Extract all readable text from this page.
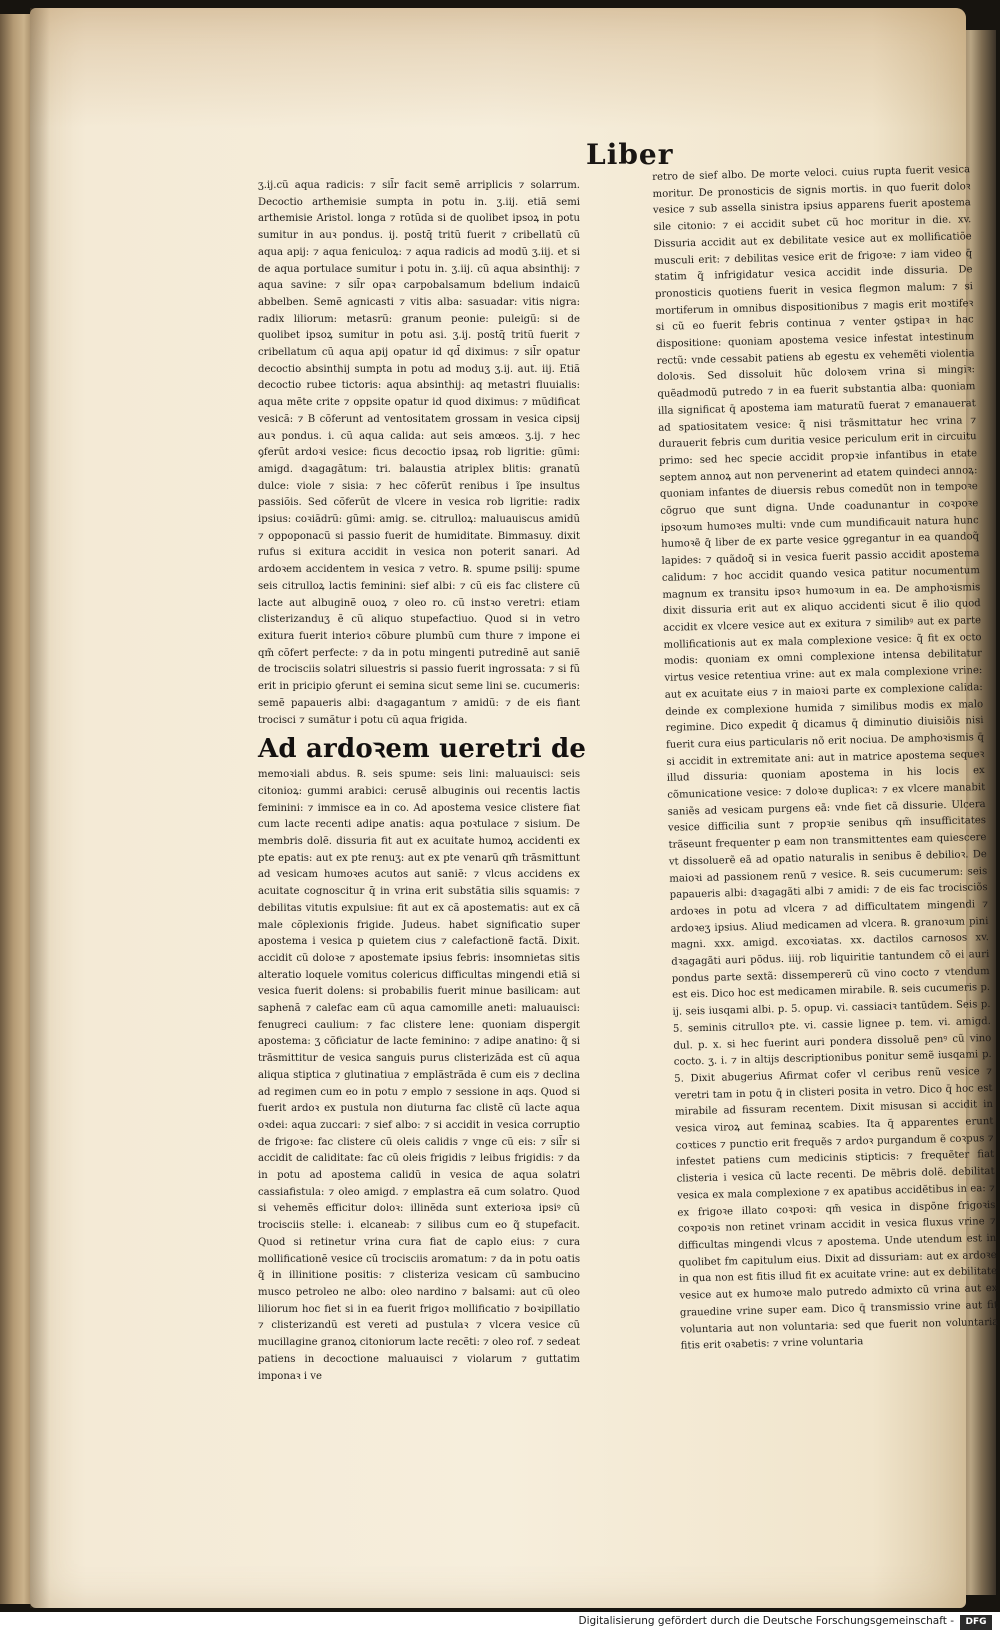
Liber

ʒ.ij.cũ aqua radicis: ⁊ sil̄r facit semẽ arriplicis ⁊ solarrum. Decoctio arthemisie sumpta in potu in. ʒ.iij. etiã semi arthemisie Aristol. longa ⁊ rotũda si de quolibet ipsoꝝ in potu sumitur in auꝛ pondus. ij. postq̄ tritũ fuerit ⁊ cribellatũ cũ aqua apij: ⁊ aqua feniculoꝝ: ⁊ aqua radicis ad modũ ʒ.iij. et si de aqua portulace sumitur i potu in. ʒ.iij. cũ aqua absinthij: ⁊ aqua savine: ⁊ sil̄r opaꝛ carpobalsamum bdelium indaicũ abbelben. Semẽ agnicasti ⁊ vitis alba: sasuadar: vitis nigra: radix liliorum: metasrũ: granum peonie: puleigũ: si de quolibet ipsoꝝ sumitur in potu asi. ʒ.ij. postq̄ tritũ fuerit ⁊ cribellatum cũ aqua apij opatur id qd̄ diximus: ⁊ sil̄r opatur decoctio absinthij sumpta in potu ad moduʒ ʒ.ij. aut. iij. Etiã decoctio rubee tictoris: aqua absinthij: aq metastri fluuialis: aqua mẽte crite ⁊ oppsite opatur id quod diximus: ⁊ mũdificat vesicã: ⁊ B cõferunt ad ventositatem grossam in vesica cipsij auꝛ pondus. i. cũ aqua calida: aut seis amœos. ʒ.ij. ⁊ hec ꝯferũt ardoꝛi vesice: ficus decoctio ipsaꝝ rob ligritie: gũmi: amigd. dꝛagagãtum: tri. balaustia atriplex blitis: granatũ dulce: viole ⁊ sisia: ⁊ hec cõferũt renibus i ĩpe insultus passiõis. Sed cõferũt de vlcere in vesica rob ligritie: radix ipsius: coꝛiãdrũ: gũmi: amig. se. citrulloꝝ: maluauiscus amidũ ⁊ oppoponacũ si passio fuerit de humiditate. Bimmasuy. dixit rufus si exitura accidit in vesica non poterit sanari. Ad ardoꝛem accidentem in vesica ⁊ vetro. ℞. spume psilij: spume seis citrulloꝝ lactis feminini: sief albi: ⁊ cũ eis fac clistere cũ lacte aut albuginẽ ouoꝝ ⁊ oleo ro. cũ instꝛo veretri: etiam clisterizanduʒ ẽ cũ aliquo stupefactiuo. Quod si in vetro exitura fuerit interioꝛ cõbure plumbũ cum thure ⁊ impone ei qm̃ cõfert perfecte: ⁊ da in potu mingenti putredinẽ aut saniẽ de trocisciis solatri siluestris si passio fuerit ingrossata: ⁊ si fũ erit in pricipio ꝯferunt ei semina sicut seme lini se. cucumeris: semẽ papaueris albi: dꝛagagantum ⁊ amidũ: ⁊ de eis fiant trocisci ⁊ sumãtur i potu cũ aqua frigida.

Ad ardoꝛem ueretri de

memoꝛiali abdus. ℞. seis spume: seis lini: maluauisci: seis citonioꝝ: gummi arabici: cerusẽ albuginis oui recentis lactis feminini: ⁊ immisce ea in co. Ad apostema vesice clistere fiat cum lacte recenti adipe anatis: aqua poꝛtulace ⁊ sisium. De membris dolẽ. dissuria fit aut ex acuitate humoꝝ accidenti ex pte epatis: aut ex pte renuʒ: aut ex pte venarũ qm̃ trãsmittunt ad vesicam humoꝛes acutos aut saniẽ: ⁊ vlcus accidens ex acuitate cognoscitur q̄ in vrina erit substãtia silis squamis: ⁊ debilitas vitutis expulsiue: fit aut ex cã apostematis: aut ex cã male cõplexionis frigide. Judeus. habet significatio super apostema i vesica p quietem cius ⁊ calefactionẽ factã. Dixit. accidit cũ doloꝛe ⁊ apostemate ipsius febris: insomnietas sitis alteratio loquele vomitus colericus difficultas mingendi etiã si vesica fuerit dolens: si probabilis fuerit minue basilicam: aut saphenã ⁊ calefac eam cũ aqua camomille aneti: maluauisci: fenugreci caulium: ⁊ fac clistere lene: quoniam dispergit apostema: ʒ cõficiatur de lacte feminino: ⁊ adipe anatino: q̃ si trãsmittitur de vesica sanguis purus clisterizãda est cũ aqua aliqua stiptica ⁊ glutinatiua ⁊ emplãstrãda ẽ cum eis ⁊ declina ad regimen cum eo in potu ⁊ emplo ⁊ sessione in aqs. Quod si fuerit ardoꝛ ex pustula non diuturna fac clistẽ cũ lacte aqua oꝛdei: aqua zuccari: ⁊ sief albo: ⁊ si accidit in vesica corruptio de frigoꝛe: fac clistere cũ oleis calidis ⁊ vnge cũ eis: ⁊ sil̄r si accidit de caliditate: fac cũ oleis frigidis ⁊ leibus frigidis: ⁊ da in potu ad apostema calidũ in vesica de aqua solatri cassiafistula: ⁊ oleo amigd. ⁊ emplastra eã cum solatro. Quod si vehemẽs efficitur doloꝛ: illinẽda sunt exterioꝛa ipsiꝰ cũ trocisciis stelle: i. elcaneab: ⁊ silibus cum eo q̃ stupefacit. Quod si retinetur vrina cura fiat de caplo eius: ⁊ cura mollificationẽ vesice cũ trocisciis aromatum: ⁊ da in potu oatis q̃ in illinitione positis: ⁊ clisteriza vesicam cũ sambucino musco petroleo ne albo: oleo nardino ⁊ balsami: aut cũ oleo liliorum hoc fiet si in ea fuerit frigoꝛ mollificatio ⁊ boꝛipillatio ⁊ clisterizandũ est vereti ad pustulaꝛ ⁊ vlcera vesice cũ mucillagine granoꝝ citoniorum lacte recẽti: ⁊ oleo rof. ⁊ sedeat patiens in decoctione maluauisci ⁊ violarum ⁊ guttatim imponaꝛ i ve

retro de sief albo. De morte veloci. cuius rupta fuerit vesica moritur. De pronosticis de signis mortis. in quo fuerit doloꝛ vesice ⁊ sub assella sinistra ipsius apparens fuerit apostema sile citonio: ⁊ ei accidit subet cũ hoc moritur in die. xv. Dissuria accidit aut ex debilitate vesice aut ex mollificatiõe musculi erit: ⁊ debilitas vesice erit de frigoꝛe: ⁊ iam video q̄ statim q̃ infrigidatur vesica accidit inde dissuria. De pronosticis quotiens fuerit in vesica flegmon malum: ⁊ si mortiferum in omnibus dispositionibus ⁊ magis erit moꝛtifeꝛ si cũ eo fuerit febris continua ⁊ venter ꝯstipaꝛ in hac dispositione: quoniam apostema vesice infestat intestinum rectũ: vnde cessabit patiens ab egestu ex vehemẽti violentia doloꝛis. Sed dissoluit hũc doloꝛem vrina si mingiꝛ: quẽadmodũ putredo ⁊ in ea fuerit substantia alba: quoniam illa significat q̄ apostema iam maturatũ fuerat ⁊ emanauerat ad spatiositatem vesice: q̃ nisi trãsmittatur hec vrina ⁊ durauerit febris cum duritia vesice periculum erit in circuitu primo: sed hec specie accidit propꝛie infantibus in etate septem annoꝝ aut non pervenerint ad etatem quindeci annoꝝ: quoniam infantes de diuersis rebus comedũt non in tempoꝛe cõgruo que sunt digna. Unde coadunantur in coꝛpoꝛe ipsoꝛum humoꝛes multi: vnde cum mundificauit natura hunc humoꝛẽ q̃ liber de ex parte vesice ꝯgregantur in ea quandoq̃ lapides: ⁊ quãdoq̃ si in vesica fuerit passio accidit apostema calidum: ⁊ hoc accidit quando vesica patitur nocumentum magnum ex transitu ipsoꝛ humoꝛum in ea. De amphoꝛismis dixit dissuria erit aut ex aliquo accidenti sicut ẽ ilio quod accidit ex vlcere vesice aut ex exitura ⁊ similibꝰ aut ex parte mollificationis aut ex mala complexione vesice: q̃ fit ex octo modis: quoniam ex omni complexione intensa debilitatur virtus vesice retentiua vrine: aut ex mala complexione vrine: aut ex acuitate eius ⁊ in maioꝛi parte ex complexione calida: deinde ex complexione humida ⁊ similibus modis ex malo regimine. Dico expedit q̄ dicamus q̄ diminutio diuisiõis nisi fuerit cura eius particularis nõ erit nociua. De amphoꝛismis q̄ si accidit in extremitate ani: aut in matrice apostema sequeꝛ illud dissuria: quoniam apostema in his locis ex cõmunicatione vesice: ⁊ doloꝛe duplicaꝛ: ⁊ ex vlcere manabit saniẽs ad vesicam purgens eã: vnde fiet cã dissurie. Ulcera vesice difficilia sunt ⁊ propꝛie senibus qm̃ insufficitates trãseunt frequenter p eam non transmittentes eam quiescere vt dissoluerẽ eã ad opatio naturalis in senibus ẽ debilioꝛ. De maioꝛi ad passionem renũ ⁊ vesice. ℞. seis cucumerum: seis papaueris albi: dꝛagagãti albi ⁊ amidi: ⁊ de eis fac trocisciõs ardoꝛes in potu ad vlcera ⁊ ad difficultatem mingendi ⁊ ardoꝛeʒ ipsius. Aliud medicamen ad vlcera. ℞. granoꝛum pini magni. xxx. amigd. excoꝛiatas. xx. dactilos carnosos xv. dꝛagagãti auri põdus. iiij. rob liquiritie tantundem cõ ei auri pondus parte sextã: dissempererũ cũ vino cocto ⁊ vtendum est eis. Dico hoc est medicamen mirabile. ℞. seis cucumeris p. ij. seis iusqami albi. p. 5. opup. vi. cassiaciꝛ tantũdem. Seis p. 5. seminis citrulloꝛ pte. vi. cassie lignee p. tem. vi. amigd. dul. p. x. si hec fuerint auri pondera dissoluẽ penꝰ cũ vino cocto. ʒ. i. ⁊ in altijs descriptionibus ponitur semẽ iusqami p. 5. Dixit abugerius Afirmat cofer vl ceribus renũ vesice ⁊ veretri tam in potu q̄ in clisteri posita in vetro. Dico q̄ hoc est mirabile ad fissuram recentem. Dixit misusan si accidit in vesica viroꝝ aut feminaꝝ scabies. Ita q̄ apparentes erunt coꝛtices ⁊ punctio erit frequẽs ⁊ ardoꝛ purgandum ẽ coꝛpus ⁊ infestet patiens cum medicinis stipticis: ⁊ frequẽter fiat clisteria i vesica cũ lacte recenti. De mẽbris dolẽ. debilitat vesica ex mala complexione ⁊ ex apatibus accidẽtibus in ea: ⁊ ex frigoꝛe illato coꝛpoꝛi: qm̃ vesica in dispõne frigoꝛis coꝛpoꝛis non retinet vrinam accidit in vesica fluxus vrine ⁊ difficultas mingendi vlcus ⁊ apostema. Unde utendum est in quolibet fm capitulum eius. Dixit ad dissuriam: aut ex ardoꝛe in qua non est fitis illud fit ex acuitate vrine: aut ex debilitate vesice aut ex humoꝛe malo putredo admixto cũ vrina aut ex grauedine vrine super eam. Dico q̄ transmissio vrine aut fit voluntaria aut non voluntaria: sed que fuerit non voluntaria fitis erit oꝛabetis: ⁊ vrine voluntaria

Digitalisierung gefördert durch die Deutsche Forschungsgemeinschaft -	DFG
